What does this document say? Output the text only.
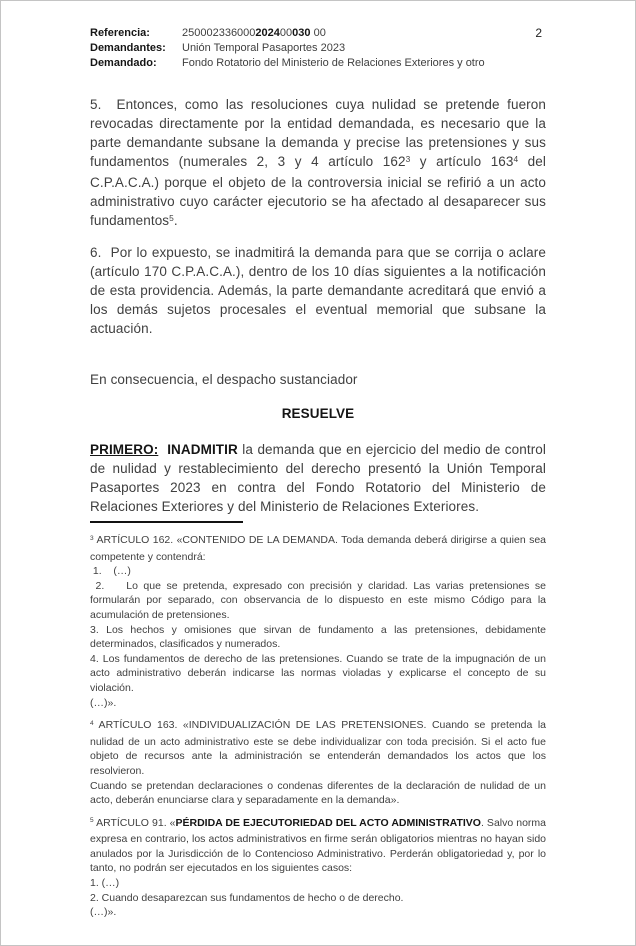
2
Referencia:	250002336000202400030 00
Demandantes:	Unión Temporal Pasaportes 2023
Demandado:	Fondo Rotatorio del Ministerio de Relaciones Exteriores y otro
5.  Entonces, como las resoluciones cuya nulidad se pretende fueron revocadas directamente por la entidad demandada, es necesario que la parte demandante subsane la demanda y precise las pretensiones y sus fundamentos (numerales 2, 3 y 4 artículo $162^3$ y artículo $163^4$ del C.P.A.C.A.) porque el objeto de la controversia inicial se refirió a un acto administrativo cuyo carácter ejecutorio se ha afectado al desaparecer sus fundamentos$^5$.
6.  Por lo expuesto, se inadmitirá la demanda para que se corrija o aclare (artículo 170 C.P.A.C.A.), dentro de los 10 días siguientes a la notificación de esta providencia. Además, la parte demandante acreditará que envió a los demás sujetos procesales el eventual memorial que subsane la actuación.
En consecuencia, el despacho sustanciador
RESUELVE
PRIMERO: INADMITIR la demanda que en ejercicio del medio de control de nulidad y restablecimiento del derecho presentó la Unión Temporal Pasaportes 2023 en contra del Fondo Rotatorio del Ministerio de Relaciones Exteriores y del Ministerio de Relaciones Exteriores.
$^3$ ARTÍCULO 162. «CONTENIDO DE LA DEMANDA. Toda demanda deberá dirigirse a quien sea competente y contendrá:
1.    (…)
2.    Lo que se pretenda, expresado con precisión y claridad. Las varias pretensiones se formularán por separado, con observancia de lo dispuesto en este mismo Código para la acumulación de pretensiones.
3. Los hechos y omisiones que sirvan de fundamento a las pretensiones, debidamente determinados, clasificados y numerados.
4. Los fundamentos de derecho de las pretensiones. Cuando se trate de la impugnación de un acto administrativo deberán indicarse las normas violadas y explicarse el concepto de su violación.
(…)».
$^4$ ARTÍCULO 163. «INDIVIDUALIZACIÓN DE LAS PRETENSIONES. Cuando se pretenda la nulidad de un acto administrativo este se debe individualizar con toda precisión. Si el acto fue objeto de recursos ante la administración se entenderán demandados los actos que los resolvieron.
Cuando se pretendan declaraciones o condenas diferentes de la declaración de nulidad de un acto, deberán enunciarse clara y separadamente en la demanda».
$^5$ ARTÍCULO 91. «PÉRDIDA DE EJECUTORIEDAD DEL ACTO ADMINISTRATIVO. Salvo norma expresa en contrario, los actos administrativos en firme serán obligatorios mientras no hayan sido anulados por la Jurisdicción de lo Contencioso Administrativo. Perderán obligatoriedad y, por lo tanto, no podrán ser ejecutados en los siguientes casos:
1. (…)
2. Cuando desaparezcan sus fundamentos de hecho o de derecho.
(…)».
